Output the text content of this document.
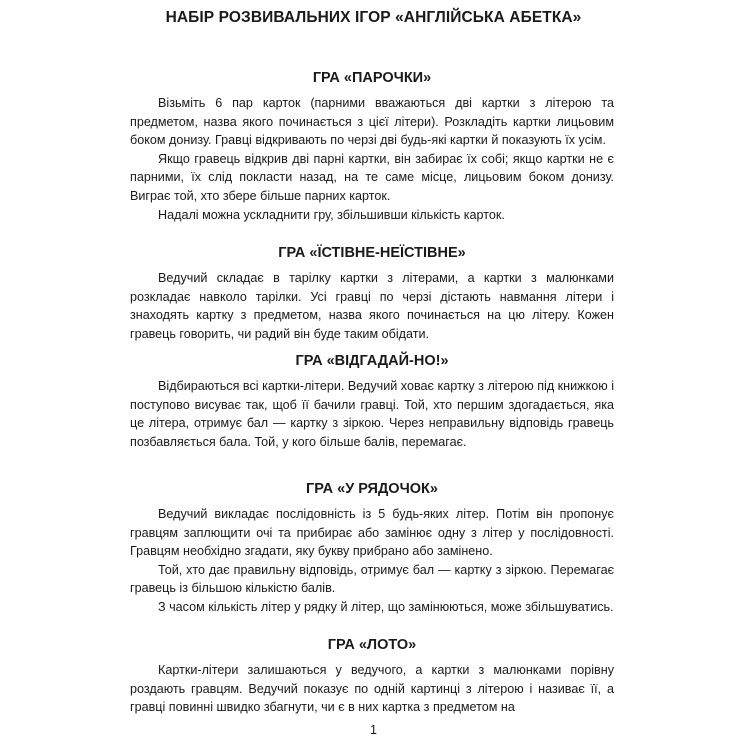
НАБІР РОЗВИВАЛЬНИХ ІГОР «АНГЛІЙСЬКА АБЕТКА»
ГРА «ПАРОЧКИ»

Візьміть 6 пар карток (парними вважаються дві картки з літерою та предметом, назва якого починається з цієї літери). Розкладіть картки лицьовим боком донизу. Гравці відкривають по черзі дві будь-які картки й показують їх усім.

Якщо гравець відкрив дві парні картки, він забирає їх собі; якщо картки не є парними, їх слід покласти назад, на те саме місце, лицьовим боком донизу. Виграє той, хто збере більше парних карток.

Надалі можна ускладнити гру, збільшивши кількість карток.

ГРА «ЇСТІВНЕ-НЕЇСТІВНЕ»

Ведучий складає в тарілку картки з літерами, а картки з малюнками розкладає навколо тарілки. Усі гравці по черзі дістають навмання літери і знаходять картку з предметом, назва якого починається на цю літеру. Кожен гравець говорить, чи радий він буде таким обідати.

ГРА «ВІДГАДАЙ-НО!»

Відбираються всі картки-літери. Ведучий ховає картку з літерою під книжкою і поступово висуває так, щоб її бачили гравці. Той, хто першим здогадається, яка це літера, отримує бал — картку з зіркою. Через неправильну відповідь гравець позбавляється бала. Той, у кого більше балів, перемагає.

ГРА «У РЯДОЧОК»

Ведучий викладає послідовність із 5 будь-яких літер. Потім він пропонує гравцям заплющити очі та прибирає або замінює одну з літер у послідовності. Гравцям необхідно згадати, яку букву прибрано або замінено.

Той, хто дає правильну відповідь, отримує бал — картку з зіркою. Перемагає гравець із більшою кількістю балів.

З часом кількість літер у рядку й літер, що замінюються, може збільшуватись.

ГРА «ЛОТО»

Картки-літери залишаються у ведучого, а картки з малюнками порівну роздають гравцям. Ведучий показує по одній картинці з літерою і називає її, а гравці повинні швидко збагнути, чи є в них картка з предметом на

1
